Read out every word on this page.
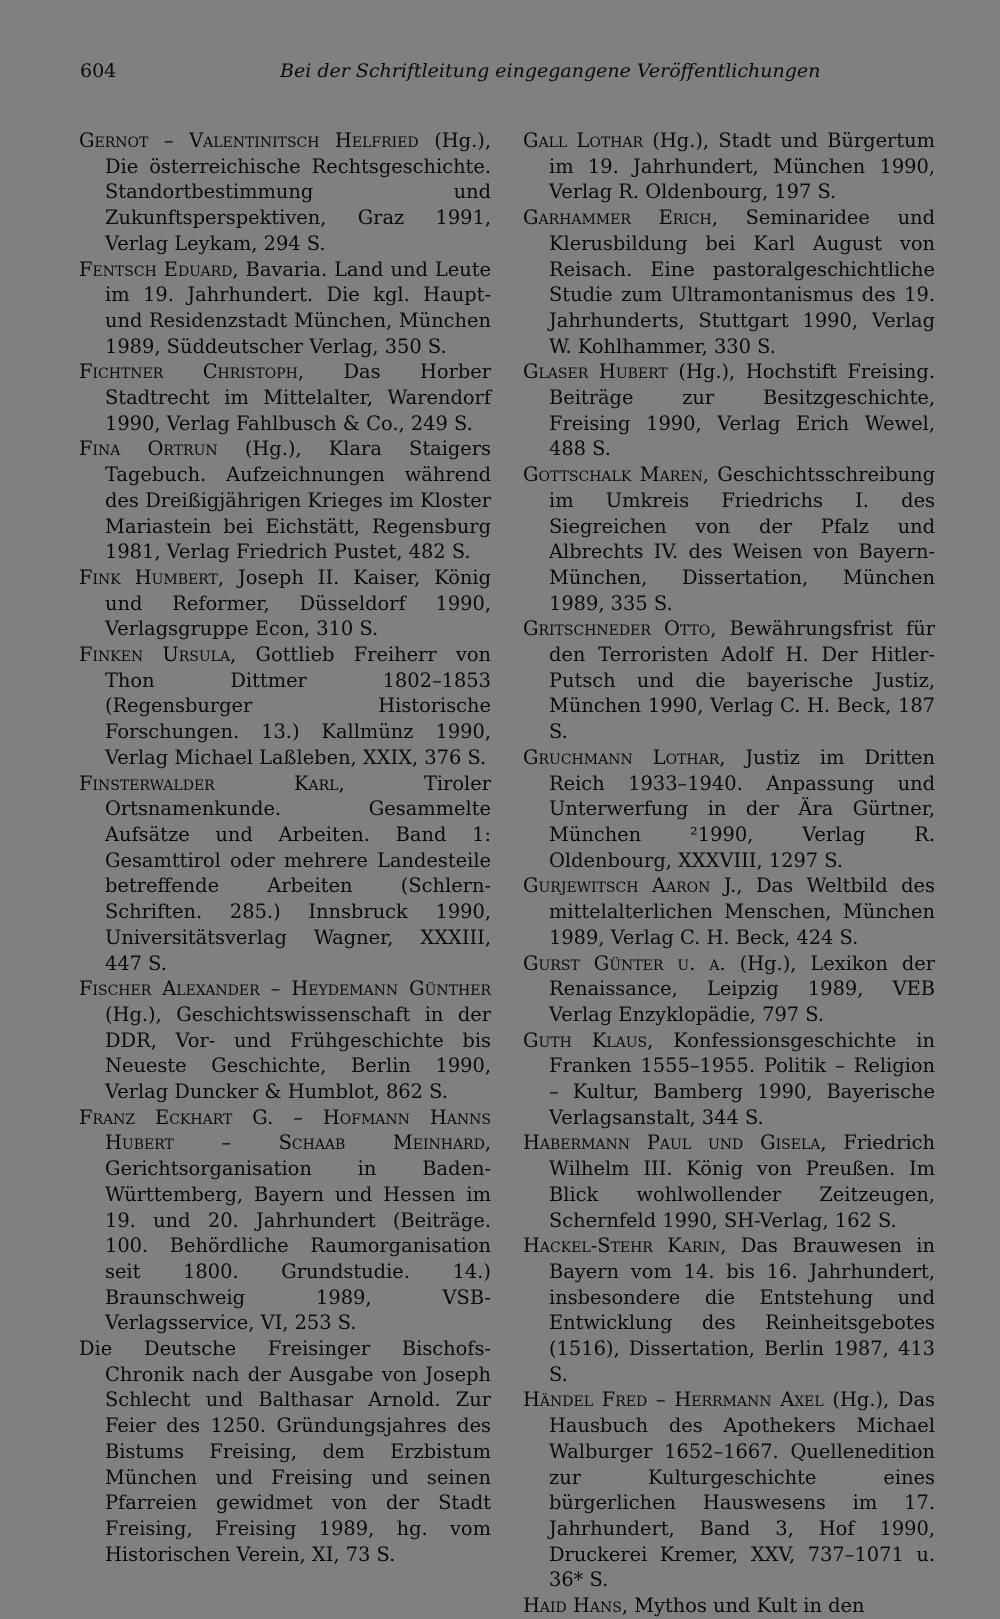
604	Bei der Schriftleitung eingegangene Veröffentlichungen

Gernot – Valentinitsch Helfried (Hg.), Die österreichische Rechtsgeschichte. Standortbestimmung und Zukunftsperspektiven, Graz 1991, Verlag Leykam, 294 S.

Fentsch Eduard, Bavaria. Land und Leute im 19. Jahrhundert. Die kgl. Haupt- und Residenzstadt München, München 1989, Süddeutscher Verlag, 350 S.

Fichtner Christoph, Das Horber Stadtrecht im Mittelalter, Warendorf 1990, Verlag Fahlbusch & Co., 249 S.

Fina Ortrun (Hg.), Klara Staigers Tagebuch. Aufzeichnungen während des Dreißigjährigen Krieges im Kloster Mariastein bei Eichstätt, Regensburg 1981, Verlag Friedrich Pustet, 482 S.

Fink Humbert, Joseph II. Kaiser, König und Reformer, Düsseldorf 1990, Verlagsgruppe Econ, 310 S.

Finken Ursula, Gottlieb Freiherr von Thon Dittmer 1802–1853 (Regensburger Historische Forschungen. 13.) Kallmünz 1990, Verlag Michael Laßleben, XXIX, 376 S.

Finsterwalder Karl, Tiroler Ortsnamenkunde. Gesammelte Aufsätze und Arbeiten. Band 1: Gesamttirol oder mehrere Landesteile betreffende Arbeiten (Schlern-Schriften. 285.) Innsbruck 1990, Universitätsverlag Wagner, XXXIII, 447 S.

Fischer Alexander – Heydemann Günther (Hg.), Geschichtswissenschaft in der DDR, Vor- und Frühgeschichte bis Neueste Geschichte, Berlin 1990, Verlag Duncker & Humblot, 862 S.

Franz Eckhart G. – Hofmann Hanns Hubert – Schaab Meinhard, Gerichtsorganisation in Baden-Württemberg, Bayern und Hessen im 19. und 20. Jahrhundert (Beiträge. 100. Behördliche Raumorganisation seit 1800. Grundstudie. 14.) Braunschweig 1989, VSB-Verlagsservice, VI, 253 S.

Die Deutsche Freisinger Bischofs-Chronik nach der Ausgabe von Joseph Schlecht und Balthasar Arnold. Zur Feier des 1250. Gründungsjahres des Bistums Freising, dem Erzbistum München und Freising und seinen Pfarreien gewidmet von der Stadt Freising, Freising 1989, hg. vom Historischen Verein, XI, 73 S.

Gall Lothar (Hg.), Stadt und Bürgertum im 19. Jahrhundert, München 1990, Verlag R. Oldenbourg, 197 S.

Garhammer Erich, Seminaridee und Klerusbildung bei Karl August von Reisach. Eine pastoralgeschichtliche Studie zum Ultramontanismus des 19. Jahrhunderts, Stuttgart 1990, Verlag W. Kohlhammer, 330 S.

Glaser Hubert (Hg.), Hochstift Freising. Beiträge zur Besitzgeschichte, Freising 1990, Verlag Erich Wewel, 488 S.

Gottschalk Maren, Geschichtsschreibung im Umkreis Friedrichs I. des Siegreichen von der Pfalz und Albrechts IV. des Weisen von Bayern-München, Dissertation, München 1989, 335 S.

Gritschneder Otto, Bewährungsfrist für den Terroristen Adolf H. Der Hitler-Putsch und die bayerische Justiz, München 1990, Verlag C. H. Beck, 187 S.

Gruchmann Lothar, Justiz im Dritten Reich 1933–1940. Anpassung und Unterwerfung in der Ära Gürtner, München ²1990, Verlag R. Oldenbourg, XXXVIII, 1297 S.

Gurjewitsch Aaron J., Das Weltbild des mittelalterlichen Menschen, München 1989, Verlag C. H. Beck, 424 S.

Gurst Günter u. a. (Hg.), Lexikon der Renaissance, Leipzig 1989, VEB Verlag Enzyklopädie, 797 S.

Guth Klaus, Konfessionsgeschichte in Franken 1555–1955. Politik – Religion – Kultur, Bamberg 1990, Bayerische Verlagsanstalt, 344 S.

Habermann Paul und Gisela, Friedrich Wilhelm III. König von Preußen. Im Blick wohlwollender Zeitzeugen, Schernfeld 1990, SH-Verlag, 162 S.

Hackel-Stehr Karin, Das Brauwesen in Bayern vom 14. bis 16. Jahrhundert, insbesondere die Entstehung und Entwicklung des Reinheitsgebotes (1516), Dissertation, Berlin 1987, 413 S.

Händel Fred – Herrmann Axel (Hg.), Das Hausbuch des Apothekers Michael Walburger 1652–1667. Quellenedition zur Kulturgeschichte eines bürgerlichen Hauswesens im 17. Jahrhundert, Band 3, Hof 1990, Druckerei Kremer, XXV, 737–1071 u. 36* S.

Haid Hans, Mythos und Kult in den
